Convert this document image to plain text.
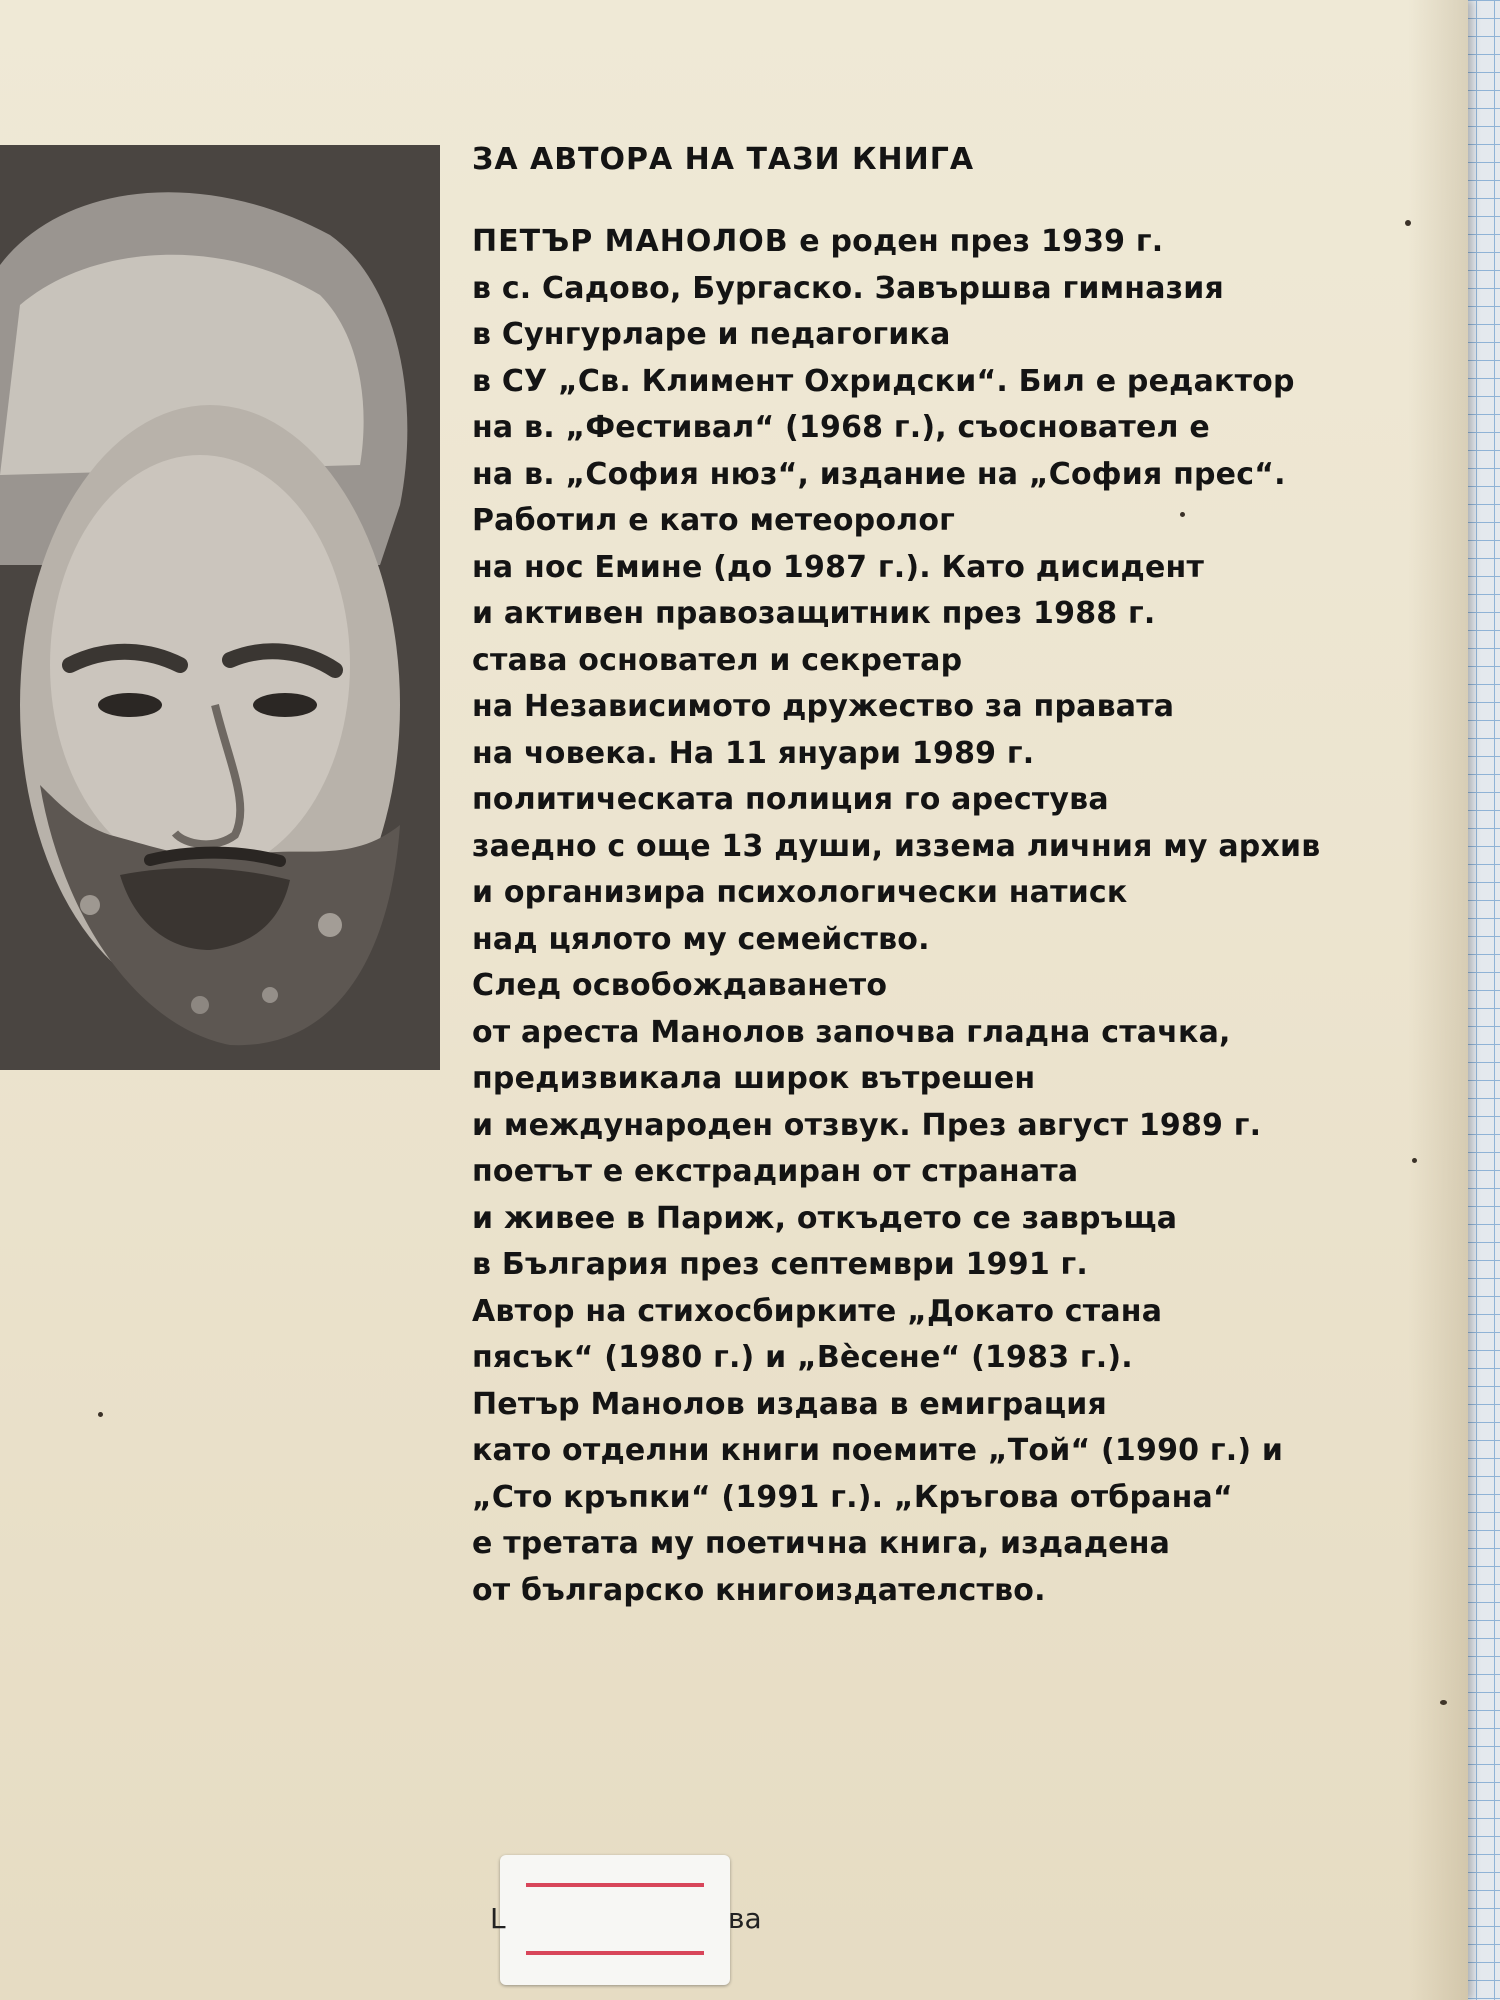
ЗА АВТОРА НА ТАЗИ КНИГА
ПЕТЪР МАНОЛОВ е роден през 1939 г.
в с. Садово, Бургаско. Завършва гимназия
в Сунгурларе и педагогика
в СУ „Св. Климент Охридски“. Бил е редактор
на в. „Фестивал“ (1968 г.), съосновател е
на в. „София нюз“, издание на „София прес“.
Работил е като метеоролог
на нос Емине (до 1987 г.). Като дисидент
и активен правозащитник през 1988 г.
става основател и секретар
на Независимото дружество за правата
на човека. На 11 януари 1989 г.
политическата полиция го арестува
заедно с още 13 души, иззема личния му архив
и организира психологически натиск
над цялото му семейство.
След освобождаването
от ареста Манолов започва гладна стачка,
предизвикала широк вътрешен
и международен отзвук. През август 1989 г.
поетът е екстрадиран от страната
и живее в Париж, откъдето се завръща
в България през септември 1991 г.
Автор на стихосбирките „Докато стана
пясък“ (1980 г.) и „Вѐсене“ (1983 г.).
Петър Манолов издава в емиграция
като отделни книги поемите „Той“ (1990 г.) и
„Сто кръпки“ (1991 г.). „Кръгова отбрана“
е третата му поетична книга, издадена
от българско книгоиздателство.
L	ва
